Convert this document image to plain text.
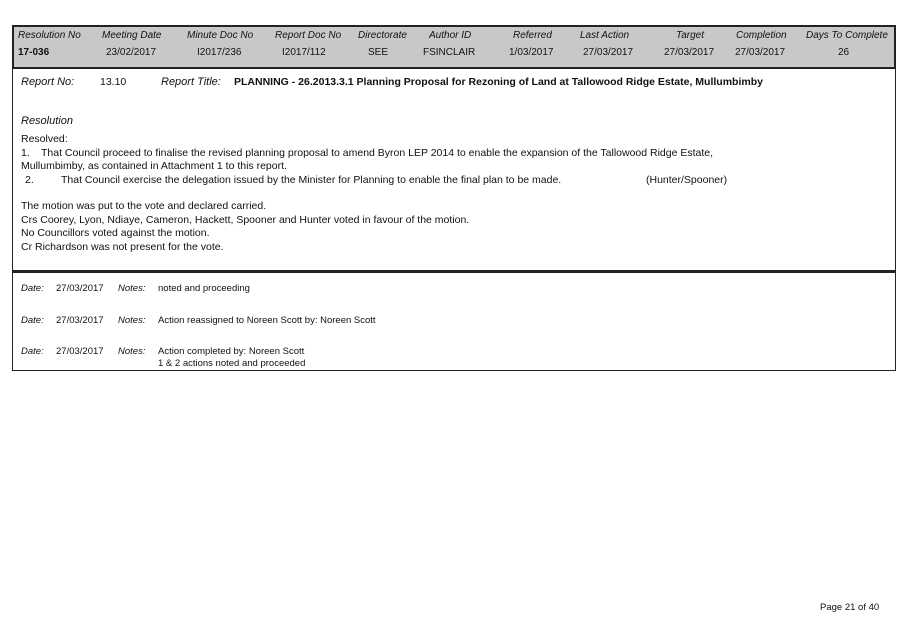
Resolution No
17-036
Meeting Date
23/02/2017
Minute Doc No
I2017/236
Report Doc No
I2017/112
Directorate
SEE
Author ID
FSINCLAIR
Referred
1/03/2017
Last Action
27/03/2017
Target
27/03/2017
Completion
27/03/2017
Days To Complete
26
Report No: 13.10	Report Title: PLANNING - 26.2013.3.1 Planning Proposal for Rezoning of Land at Tallowood Ridge Estate, Mullumbimby
Resolution
Resolved:
1. That Council proceed to finalise the revised planning proposal to amend Byron LEP 2014 to enable the expansion of the Tallowood Ridge Estate,
Mullumbimby, as contained in Attachment 1 to this report.
2.	That Council exercise the delegation issued by the Minister for Planning to enable the final plan to be made.	(Hunter/Spooner)
The motion was put to the vote and declared carried.
Crs Coorey, Lyon, Ndiaye, Cameron, Hackett, Spooner and Hunter voted in favour of the motion.
No Councillors voted against the motion.
Cr Richardson was not present for the vote.
Date: 27/03/2017 Notes: noted and proceeding
Date: 27/03/2017 Notes: Action reassigned to Noreen Scott by: Noreen Scott
Date: 27/03/2017 Notes: Action completed by: Noreen Scott
1 & 2 actions noted and proceeded
Page 21 of 40
